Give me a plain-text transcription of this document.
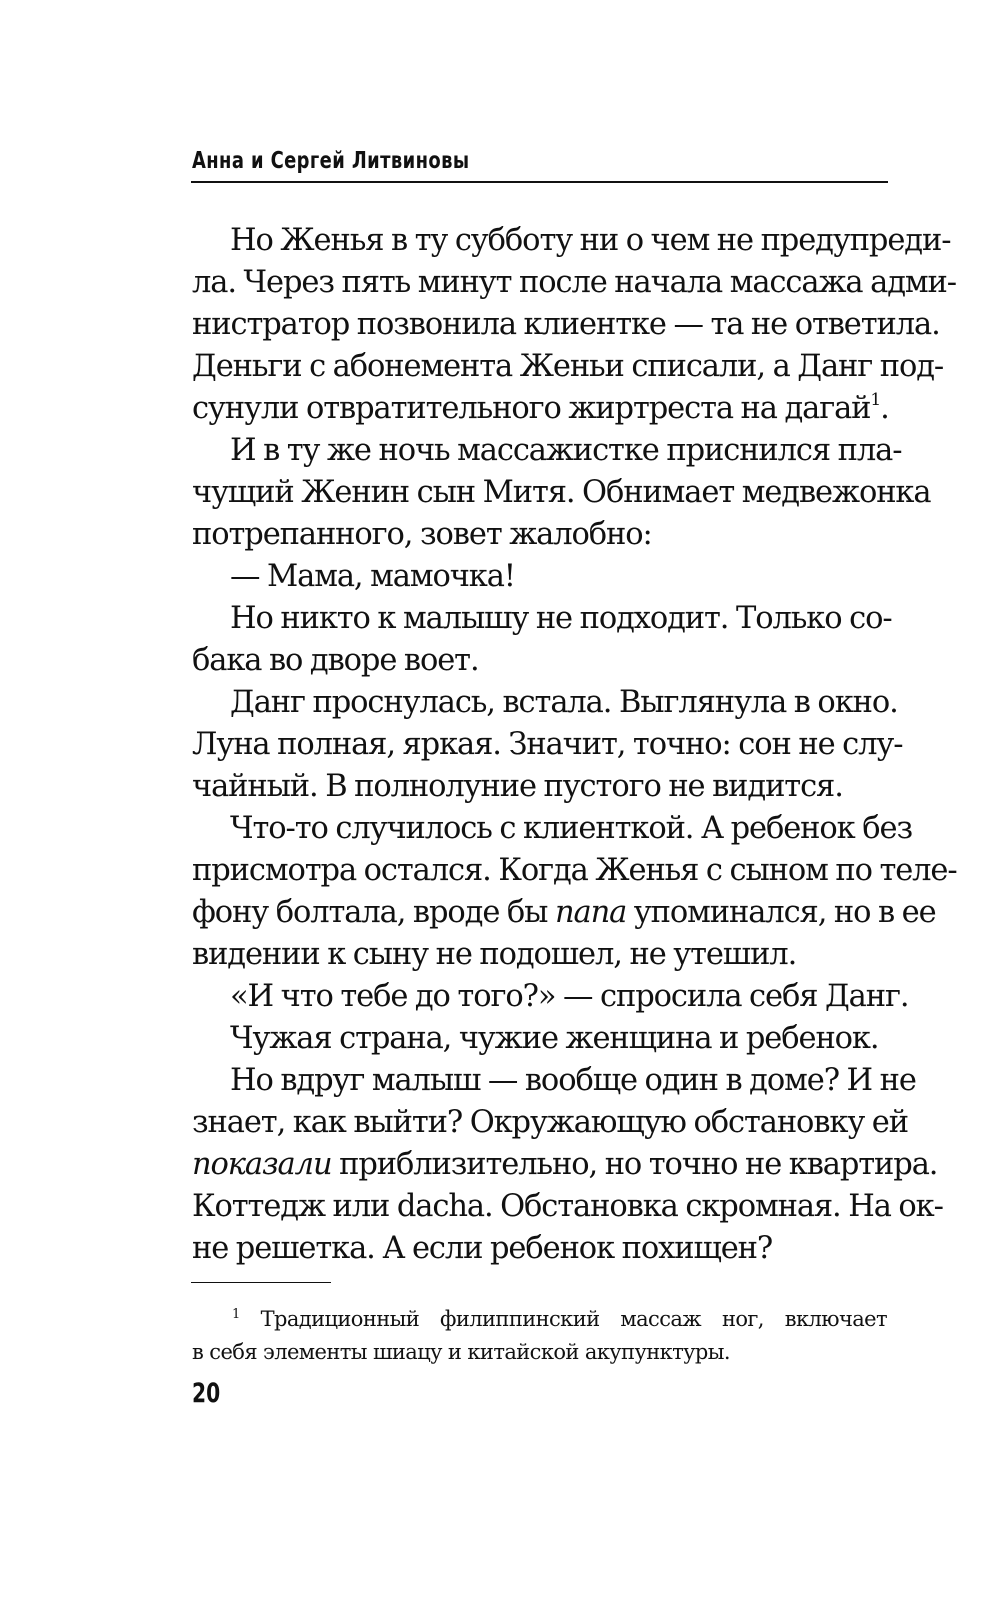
Анна и Сергей Литвиновы
Но Женья в ту субботу ни о чем не предупреди-
ла. Через пять минут после начала массажа адми-
нистратор позвонила клиентке — та не ответила.
Деньги с абонемента Женьи списали, а Данг под-
сунули отвратительного жиртреста на дагай$^1$.
И в ту же ночь массажистке приснился пла-
чущий Женин сын Митя. Обнимает медвежонка
потрепанного, зовет жалобно:
— Мама, мамочка!
Но никто к малышу не подходит. Только со-
бака во дворе воет.
Данг проснулась, встала. Выглянула в окно.
Луна полная, яркая. Значит, точно: сон не слу-
чайный. В полнолуние пустого не видится.
Что-то случилось с клиенткой. А ребенок без
присмотра остался. Когда Женья с сыном по теле-
фону болтала, вроде бы папа упоминался, но в ее
видении к сыну не подошел, не утешил.
«И что тебе до того?» — спросила себя Данг.
Чужая страна, чужие женщина и ребенок.
Но вдруг малыш — вообще один в доме? И не
знает, как выйти? Окружающую обстановку ей
показали приблизительно, но точно не квартира.
Коттедж или dacha. Обстановка скромная. На ок-
не решетка. А если ребенок похищен?
$^1$ Традиционный филиппинский массаж ног, включает
в себя элементы шиацу и китайской акупунктуры.
20
